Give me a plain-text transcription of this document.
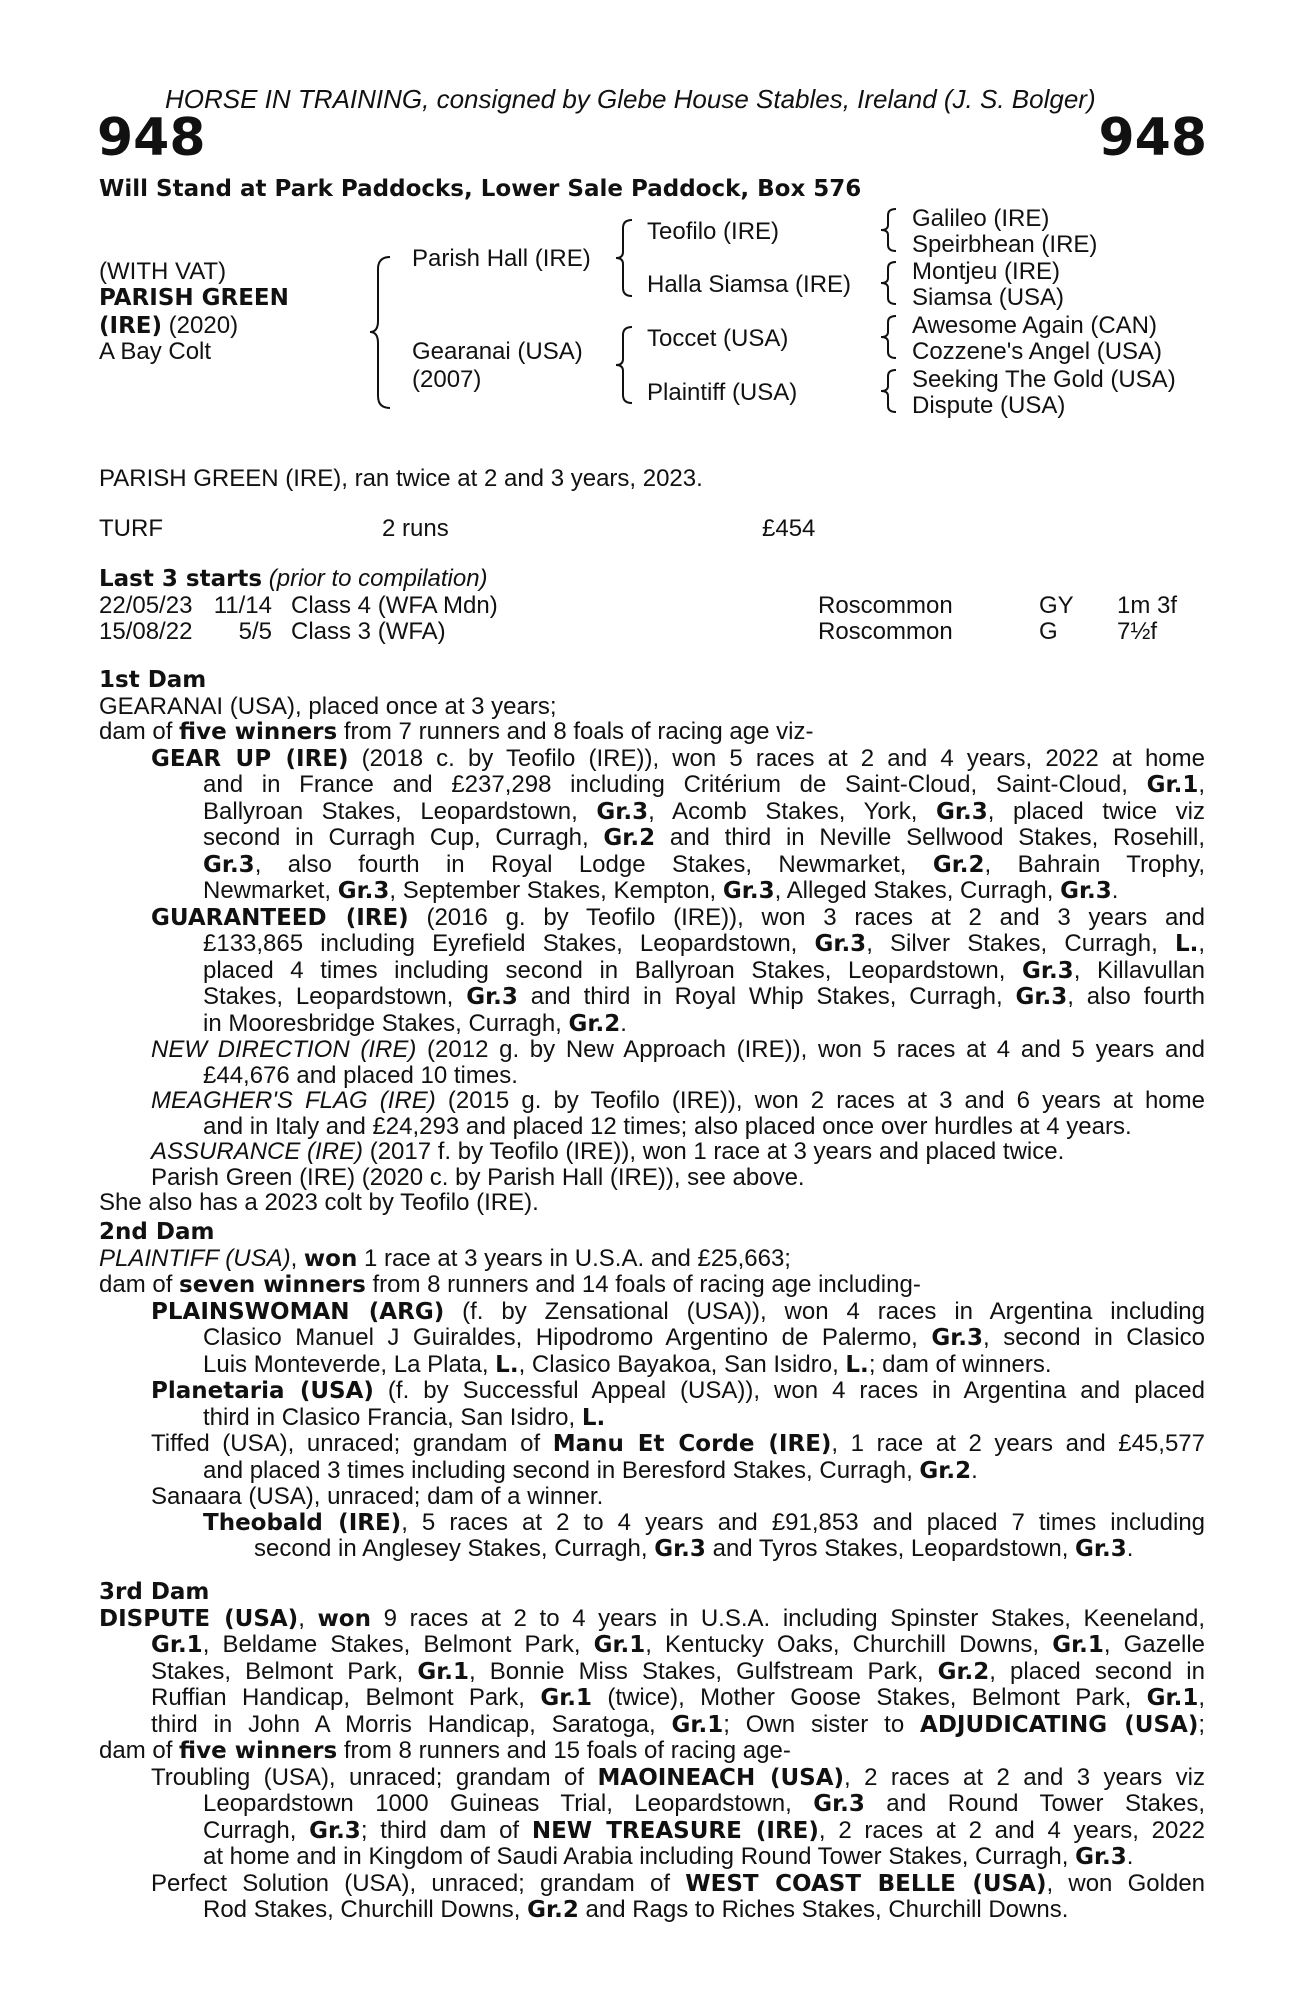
HORSE IN TRAINING, consigned by Glebe House Stables, Ireland (J. S. Bolger)
948	948
Will Stand at Park Paddocks, Lower Sale Paddock, Box 576
(WITH VAT)
PARISH GREEN
(IRE) (2020)
A Bay Colt
Parish Hall (IRE)
Gearanai (USA)
(2007)
Teofilo (IRE)
Halla Siamsa (IRE)
Toccet (USA)
Plaintiff (USA)
Galileo (IRE)
Speirbhean (IRE)
Montjeu (IRE)
Siamsa (USA)
Awesome Again (CAN)
Cozzene's Angel (USA)
Seeking The Gold (USA)
Dispute (USA)
PARISH GREEN (IRE), ran twice at 2 and 3 years, 2023.
TURF	2 runs	£454
Last 3 starts (prior to compilation)
22/05/23 11/14 Class 4 (WFA Mdn)	Roscommon	GY 1m 3f
15/08/22	5/5 Class 3 (WFA)	Roscommon	G 7½f
1st Dam
GEARANAI (USA), placed once at 3 years;
dam of five winners from 7 runners and 8 foals of racing age viz-
GEAR UP (IRE) (2018 c. by Teofilo (IRE)), won 5 races at 2 and 4 years, 2022 at home
and in France and £237,298 including Critérium de Saint-Cloud, Saint-Cloud, Gr.1,
Ballyroan Stakes, Leopardstown, Gr.3, Acomb Stakes, York, Gr.3, placed twice viz
second in Curragh Cup, Curragh, Gr.2 and third in Neville Sellwood Stakes, Rosehill,
Gr.3, also fourth in Royal Lodge Stakes, Newmarket, Gr.2, Bahrain Trophy,
Newmarket, Gr.3, September Stakes, Kempton, Gr.3, Alleged Stakes, Curragh, Gr.3.
GUARANTEED (IRE) (2016 g. by Teofilo (IRE)), won 3 races at 2 and 3 years and
£133,865 including Eyrefield Stakes, Leopardstown, Gr.3, Silver Stakes, Curragh, L.,
placed 4 times including second in Ballyroan Stakes, Leopardstown, Gr.3, Killavullan
Stakes, Leopardstown, Gr.3 and third in Royal Whip Stakes, Curragh, Gr.3, also fourth
in Mooresbridge Stakes, Curragh, Gr.2.
NEW DIRECTION (IRE) (2012 g. by New Approach (IRE)), won 5 races at 4 and 5 years and
£44,676 and placed 10 times.
MEAGHER'S FLAG (IRE) (2015 g. by Teofilo (IRE)), won 2 races at 3 and 6 years at home
and in Italy and £24,293 and placed 12 times; also placed once over hurdles at 4 years.
ASSURANCE (IRE) (2017 f. by Teofilo (IRE)), won 1 race at 3 years and placed twice.
Parish Green (IRE) (2020 c. by Parish Hall (IRE)), see above.
She also has a 2023 colt by Teofilo (IRE).
2nd Dam
PLAINTIFF (USA), won 1 race at 3 years in U.S.A. and £25,663;
dam of seven winners from 8 runners and 14 foals of racing age including-
PLAINSWOMAN (ARG) (f. by Zensational (USA)), won 4 races in Argentina including
Clasico Manuel J Guiraldes, Hipodromo Argentino de Palermo, Gr.3, second in Clasico
Luis Monteverde, La Plata, L., Clasico Bayakoa, San Isidro, L.; dam of winners.
Planetaria (USA) (f. by Successful Appeal (USA)), won 4 races in Argentina and placed
third in Clasico Francia, San Isidro, L.
Tiffed (USA), unraced; grandam of Manu Et Corde (IRE), 1 race at 2 years and £45,577
and placed 3 times including second in Beresford Stakes, Curragh, Gr.2.
Sanaara (USA), unraced; dam of a winner.
Theobald (IRE), 5 races at 2 to 4 years and £91,853 and placed 7 times including
second in Anglesey Stakes, Curragh, Gr.3 and Tyros Stakes, Leopardstown, Gr.3.
3rd Dam
DISPUTE (USA), won 9 races at 2 to 4 years in U.S.A. including Spinster Stakes, Keeneland,
Gr.1, Beldame Stakes, Belmont Park, Gr.1, Kentucky Oaks, Churchill Downs, Gr.1, Gazelle
Stakes, Belmont Park, Gr.1, Bonnie Miss Stakes, Gulfstream Park, Gr.2, placed second in
Ruffian Handicap, Belmont Park, Gr.1 (twice), Mother Goose Stakes, Belmont Park, Gr.1,
third in John A Morris Handicap, Saratoga, Gr.1; Own sister to ADJUDICATING (USA);
dam of five winners from 8 runners and 15 foals of racing age-
Troubling (USA), unraced; grandam of MAOINEACH (USA), 2 races at 2 and 3 years viz
Leopardstown 1000 Guineas Trial, Leopardstown, Gr.3 and Round Tower Stakes,
Curragh, Gr.3; third dam of NEW TREASURE (IRE), 2 races at 2 and 4 years, 2022
at home and in Kingdom of Saudi Arabia including Round Tower Stakes, Curragh, Gr.3.
Perfect Solution (USA), unraced; grandam of WEST COAST BELLE (USA), won Golden
Rod Stakes, Churchill Downs, Gr.2 and Rags to Riches Stakes, Churchill Downs.
